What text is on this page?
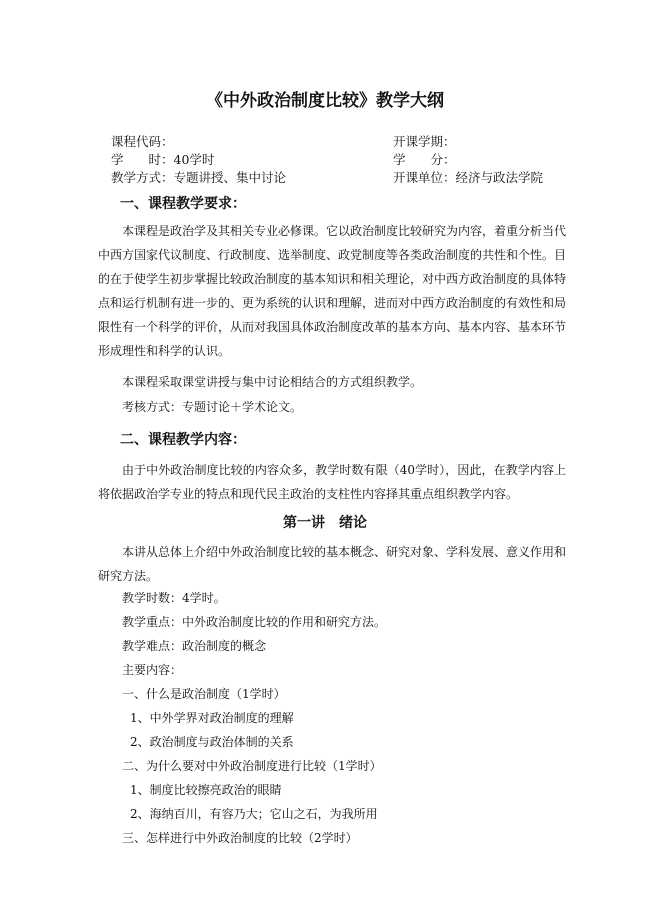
《中外政治制度比较》教学大纲
课程代码：	开课学期：
学　　时：40学时	学　　分：
教学方式：专题讲授、集中讨论	开课单位：经济与政法学院
一、课程教学要求：
本课程是政治学及其相关专业必修课。它以政治制度比较研究为内容，着重分析当代中西方国家代议制度、行政制度、选举制度、政党制度等各类政治制度的共性和个性。目的在于使学生初步掌握比较政治制度的基本知识和相关理论，对中西方政治制度的具体特点和运行机制有进一步的、更为系统的认识和理解，进而对中西方政治制度的有效性和局限性有一个科学的评价，从而对我国具体政治制度改革的基本方向、基本内容、基本环节形成理性和科学的认识。
本课程采取课堂讲授与集中讨论相结合的方式组织教学。
考核方式：专题讨论＋学术论文。
二、课程教学内容：
由于中外政治制度比较的内容众多，教学时数有限（40学时），因此，在教学内容上将依据政治学专业的特点和现代民主政治的支柱性内容择其重点组织教学内容。
第一讲　绪论
本讲从总体上介绍中外政治制度比较的基本概念、研究对象、学科发展、意义作用和研究方法。
教学时数：4学时。
教学重点：中外政治制度比较的作用和研究方法。
教学难点：政治制度的概念
主要内容：
一、什么是政治制度（1学时）
1、中外学界对政治制度的理解
2、政治制度与政治体制的关系
二、为什么要对中外政治制度进行比较（1学时）
1、制度比较擦亮政治的眼睛
2、海纳百川，有容乃大；它山之石，为我所用
三、怎样进行中外政治制度的比较（2学时）
